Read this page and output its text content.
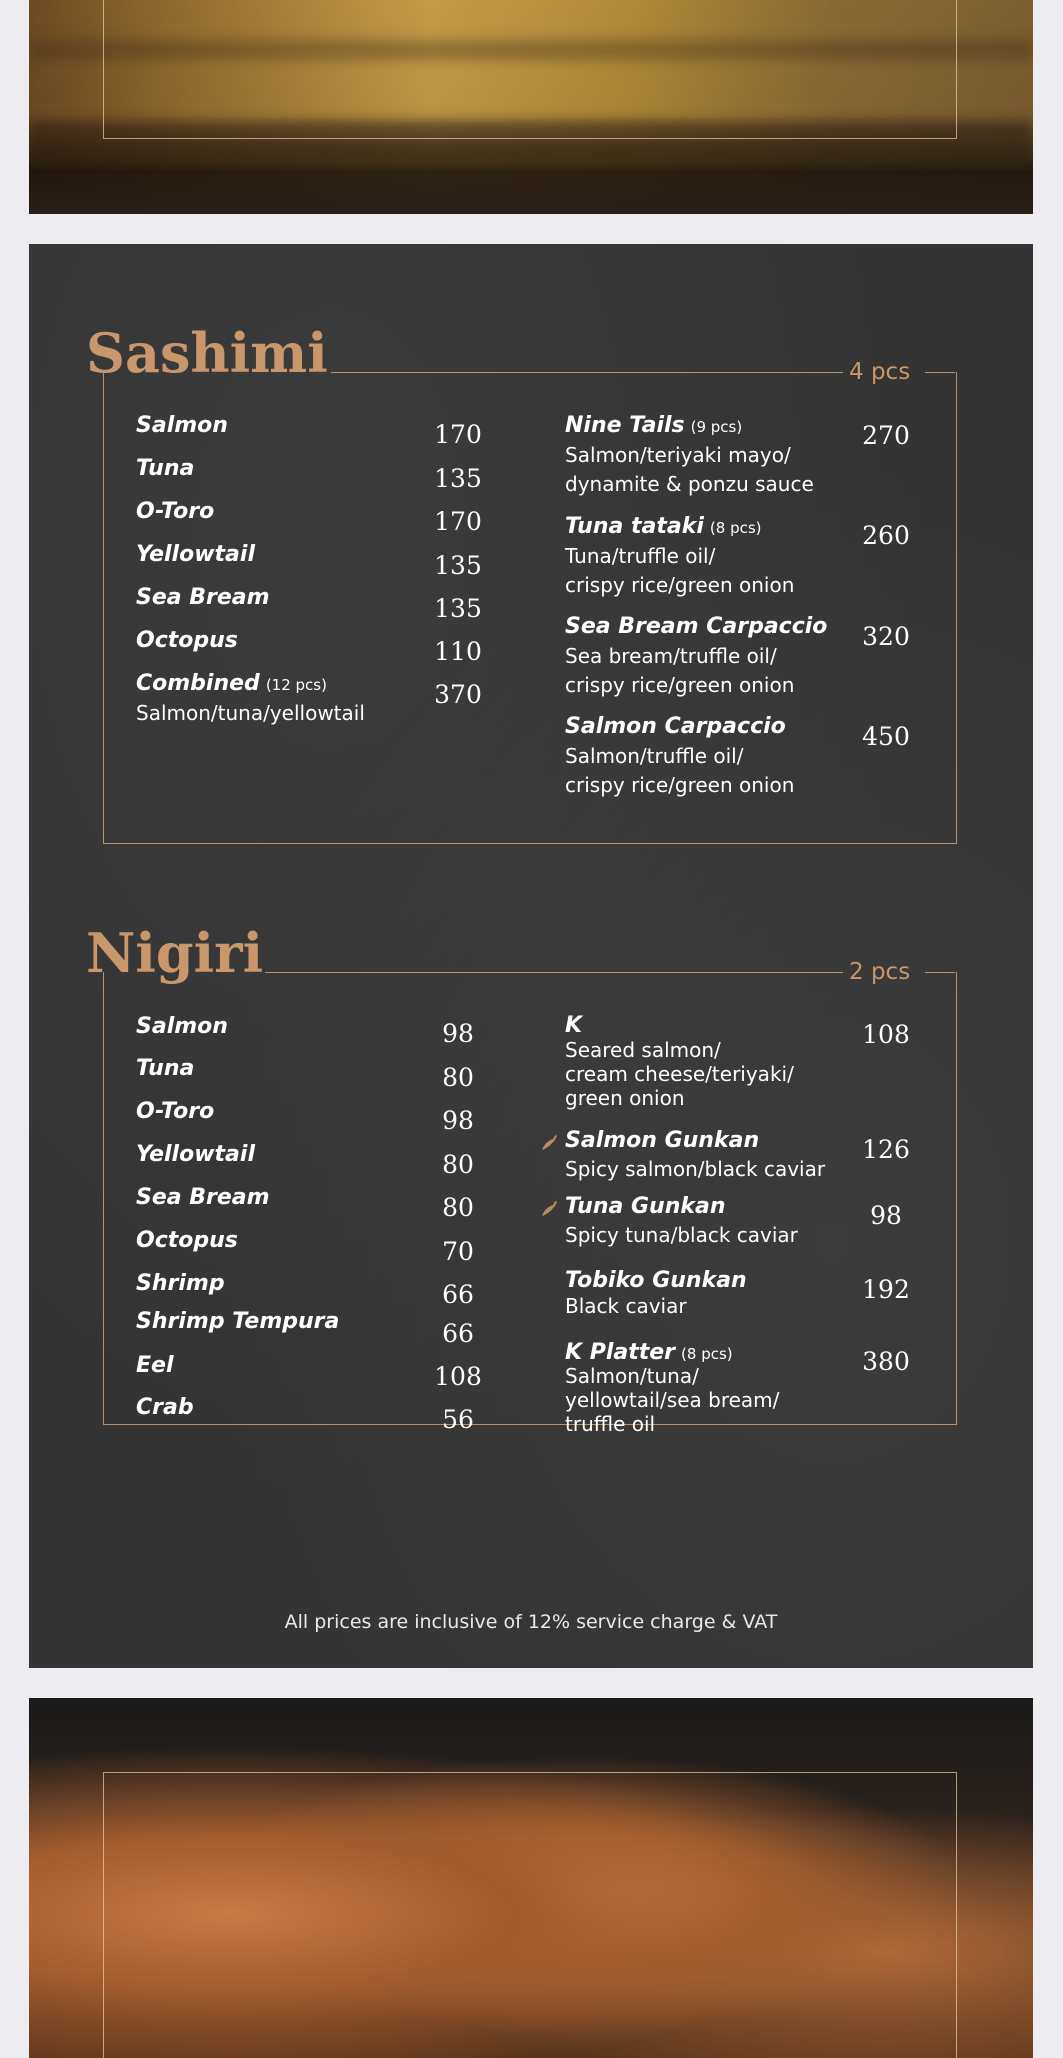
Sashimi	4 pcs
Salmon	170
Tuna	135
O-Toro	170
Yellowtail	135
Sea Bream	135
Octopus	110
Combined (12 pcs)
Salmon/tuna/yellowtail
370
Nine Tails (9 pcs)
Salmon/teriyaki mayo/
dynamite & ponzu sauce
270
Tuna tataki (8 pcs)
Tuna/truffle oil/
crispy rice/green onion
260
Sea Bream Carpaccio
Sea bream/truffle oil/
crispy rice/green onion
320
Salmon Carpaccio
Salmon/truffle oil/
crispy rice/green onion
450
Nigiri	2 pcs
Salmon	98
Tuna	80
O-Toro	98
Yellowtail	80
Sea Bream	80
Octopus	70
Shrimp	66
Shrimp Tempura	66
Eel	108
Crab	56
K
Seared salmon/
cream cheese/teriyaki/
green onion
108
Salmon Gunkan
Spicy salmon/black caviar
126
Tuna Gunkan
Spicy tuna/black caviar
98
Tobiko Gunkan
Black caviar
192
K Platter (8 pcs)
Salmon/tuna/
yellowtail/sea bream/
truffle oil
380
All prices are inclusive of 12% service charge & VAT
